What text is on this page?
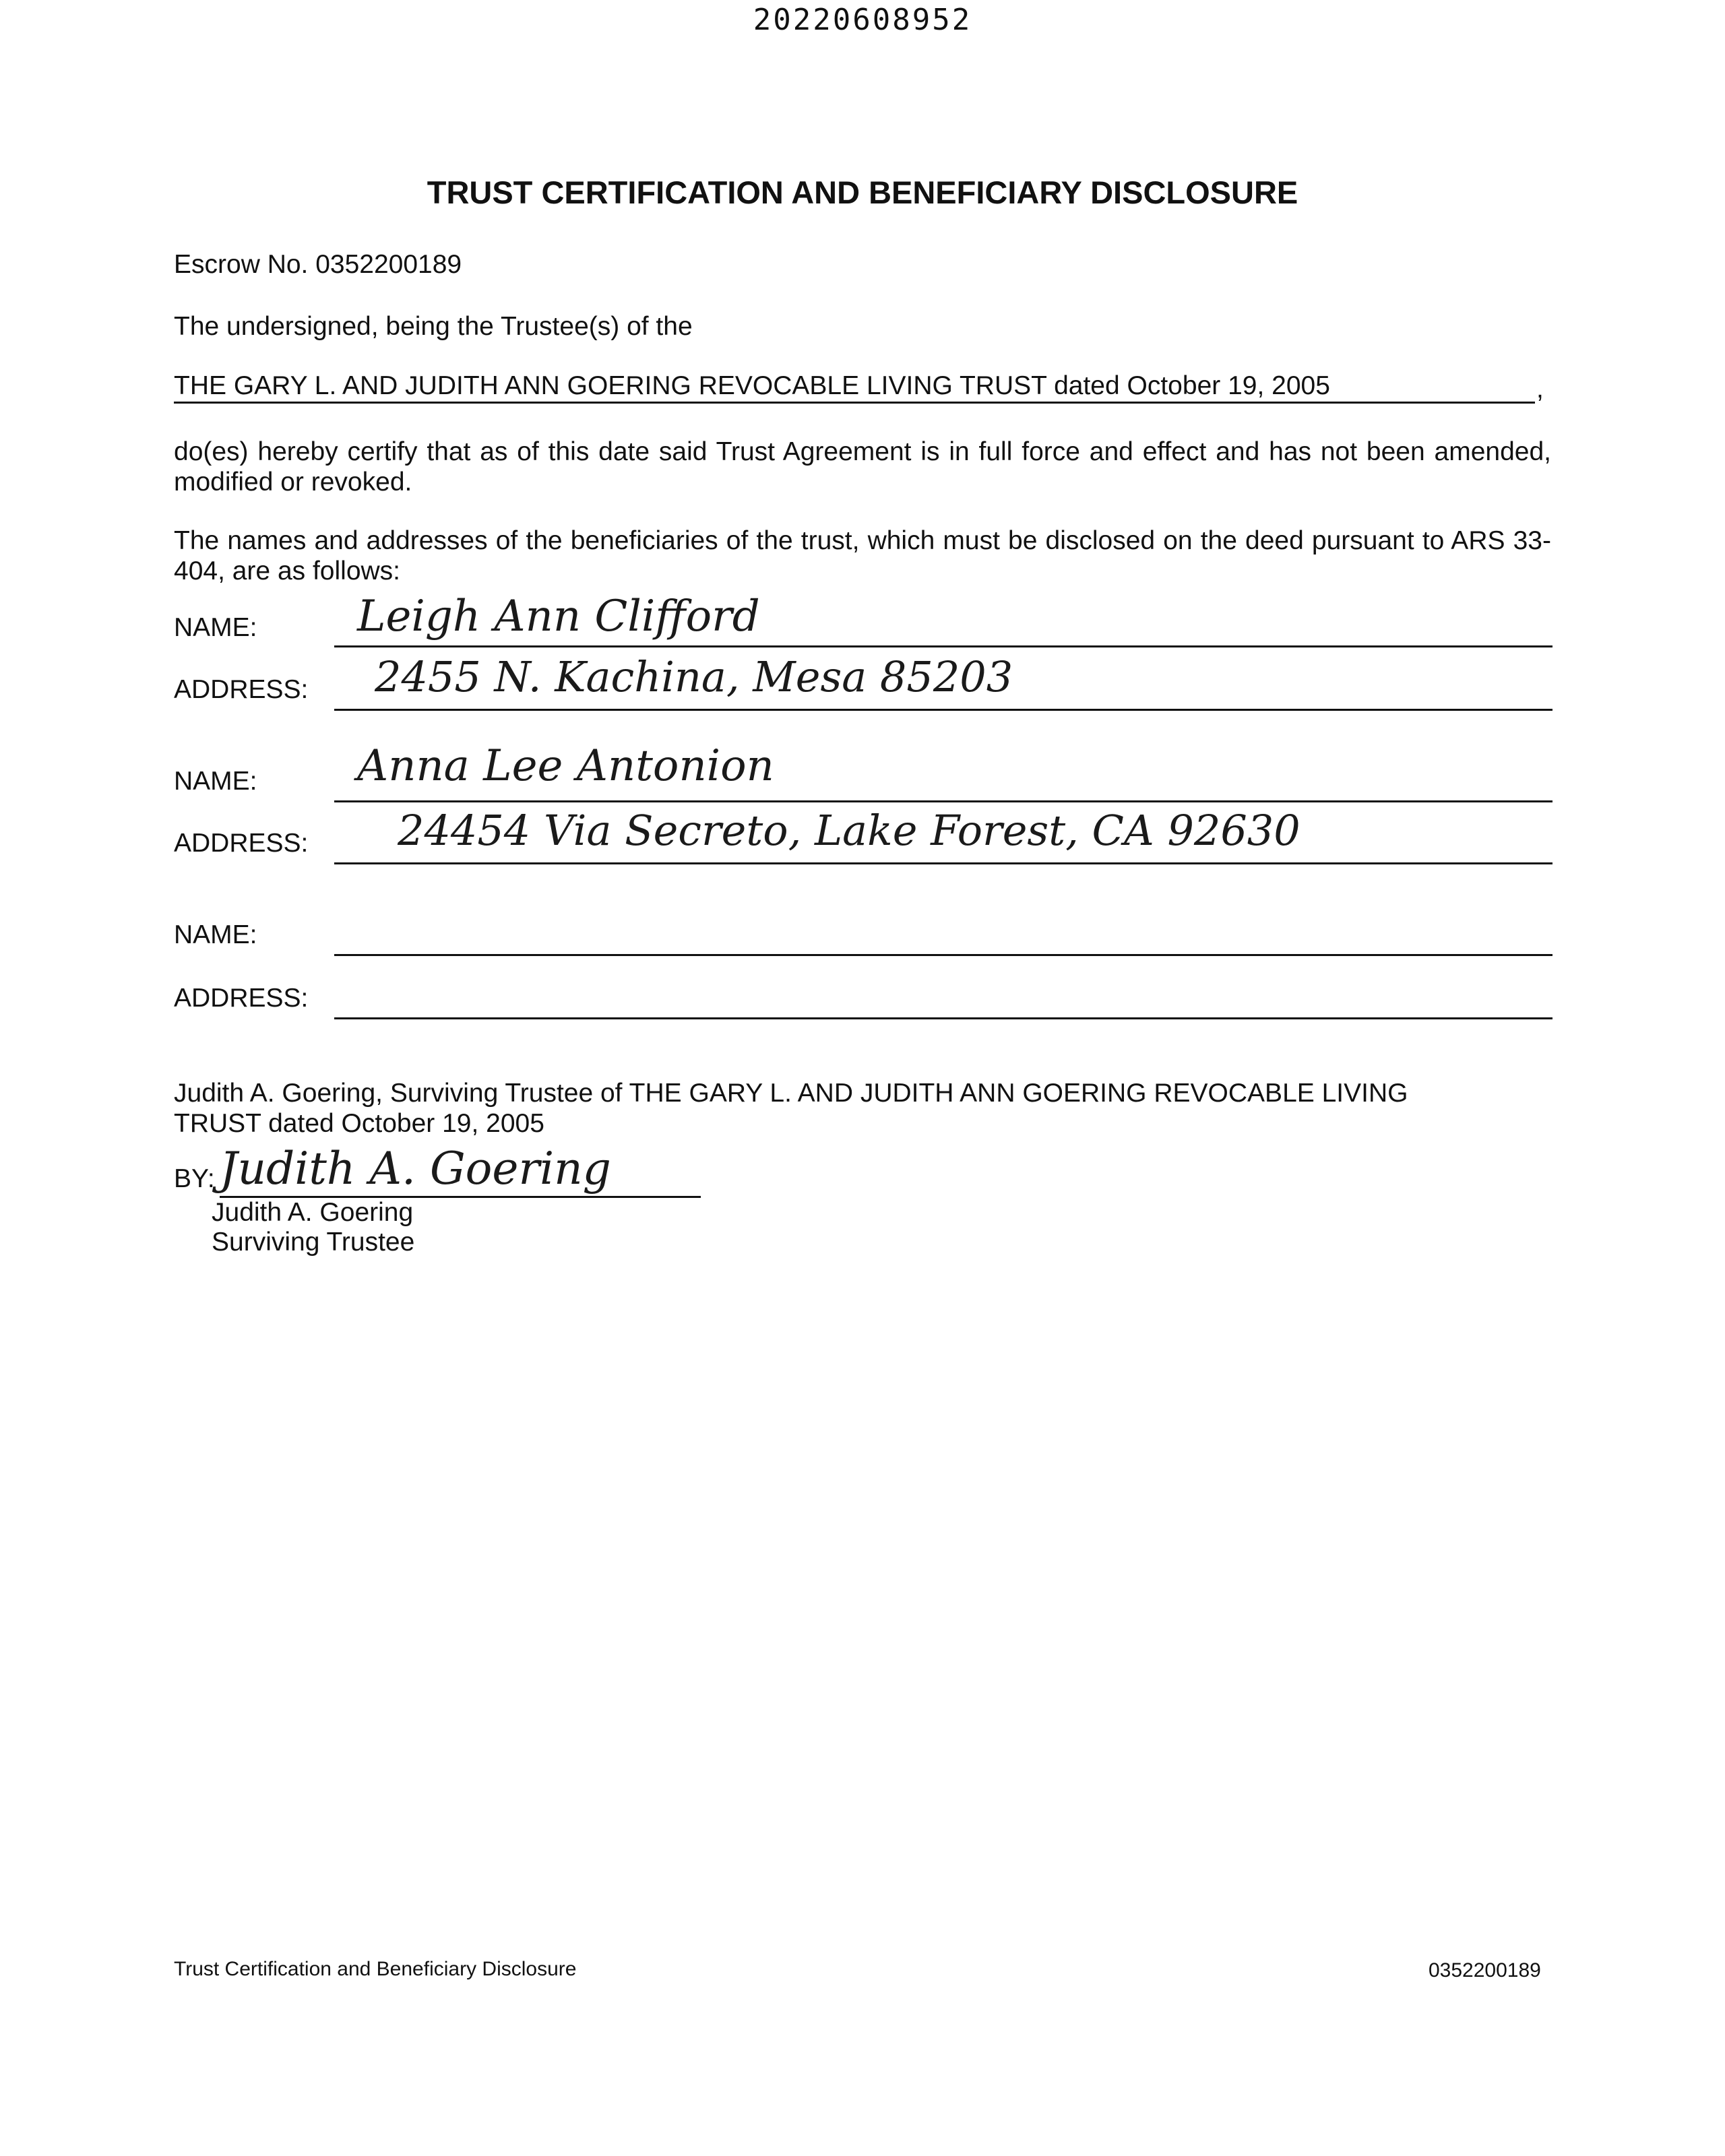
20220608952
TRUST CERTIFICATION AND BENEFICIARY DISCLOSURE
Escrow No. 0352200189
The undersigned, being the Trustee(s) of the
THE GARY L. AND JUDITH ANN GOERING REVOCABLE LIVING TRUST dated October 19, 2005	,
do(es) hereby certify that as of this date said Trust Agreement is in full force and effect and has not been amended, modified or revoked.
The names and addresses of the beneficiaries of the trust, which must be disclosed on the deed pursuant to ARS 33-404, are as follows:
NAME: Leigh Ann Clifford
ADDRESS: 2455 N. Kachina, Mesa 85203
NAME: Anna Lee Antonion
ADDRESS: 24454 Via Secreto, Lake Forest, CA 92630
NAME:
ADDRESS:
Judith A. Goering, Surviving Trustee of THE GARY L. AND JUDITH ANN GOERING REVOCABLE LIVING TRUST dated October 19, 2005
BY: Judith A. Goering
Judith A. Goering
Surviving Trustee
Trust Certification and Beneficiary Disclosure	0352200189
